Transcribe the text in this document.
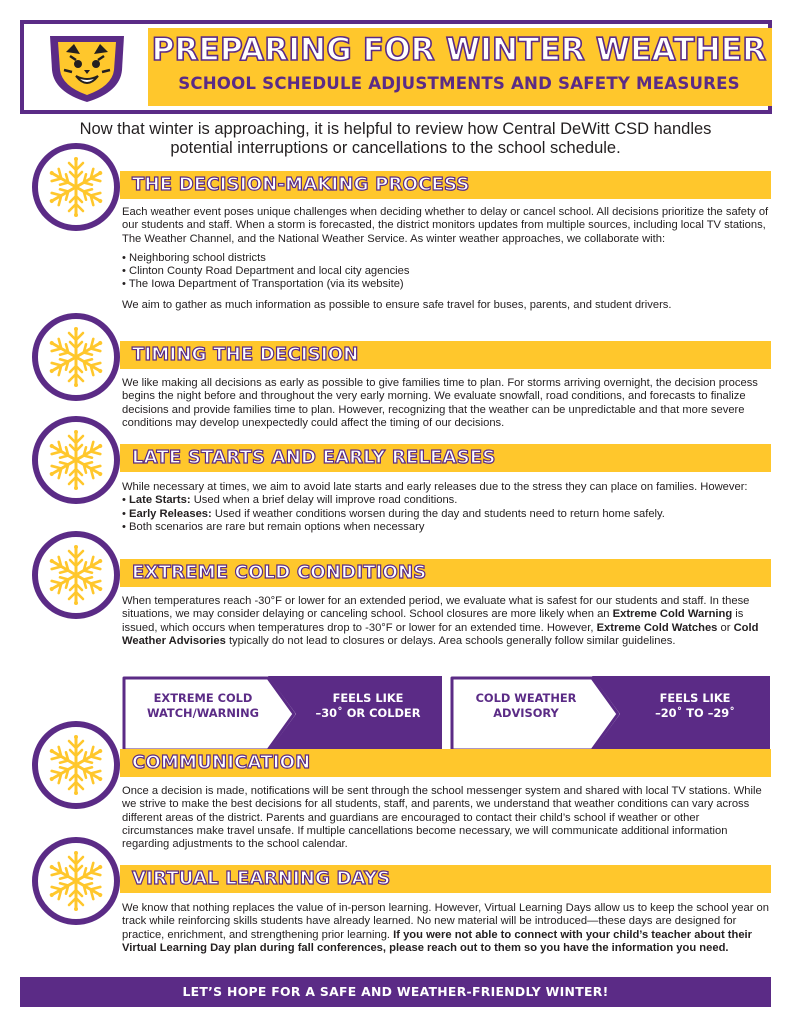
PREPARING FOR WINTER WEATHER
SCHOOL SCHEDULE ADJUSTMENTS AND SAFETY MEASURES
Now that winter is approaching, it is helpful to review how Central DeWitt CSD handles
potential interruptions or cancellations to the school schedule.
THE DECISION-MAKING PROCESS

Each weather event poses unique challenges when deciding whether to delay or cancel school. All decisions prioritize the safety of our students and staff. When a storm is forecasted, the district monitors updates from multiple sources, including local TV stations, The Weather Channel, and the National Weather Service. As winter weather approaches, we collaborate with:

• Neighboring school districts
• Clinton County Road Department and local city agencies
• The Iowa Department of Transportation (via its website)

We aim to gather as much information as possible to ensure safe travel for buses, parents, and student drivers.

TIMING THE DECISION

We like making all decisions as early as possible to give families time to plan. For storms arriving overnight, the decision process begins the night before and throughout the very early morning. We evaluate snowfall, road conditions, and forecasts to finalize decisions and provide families time to plan. However, recognizing that the weather can be unpredictable and that more severe conditions may develop unexpectedly could affect the timing of our decisions.

LATE STARTS AND EARLY RELEASES

While necessary at times, we aim to avoid late starts and early releases due to the stress they can place on families. However:

• Late Starts: Used when a brief delay will improve road conditions.
• Early Releases: Used if weather conditions worsen during the day and students need to return home safely.
• Both scenarios are rare but remain options when necessary
EXTREME COLD CONDITIONS

When temperatures reach -30°F or lower for an extended period, we evaluate what is safest for our students and staff. In these situations, we may consider delaying or canceling school. School closures are more likely when an Extreme Cold Warning is issued, which occurs when temperatures drop to -30°F or lower for an extended time. However, Extreme Cold Watches or Cold Weather Advisories typically do not lead to closures or delays. Area schools generally follow similar guidelines.

EXTREME COLD
WATCH/WARNING
FEELS LIKE
–30˚ OR COLDER
COLD WEATHER
ADVISORY
FEELS LIKE
–20˚ TO –29˚
COMMUNICATION

Once a decision is made, notifications will be sent through the school messenger system and shared with local TV stations. While we strive to make the best decisions for all students, staff, and parents, we understand that weather conditions can vary across different areas of the district. Parents and guardians are encouraged to contact their child’s school if weather or other circumstances make travel unsafe. If multiple cancellations become necessary, we will communicate additional information regarding adjustments to the school calendar.

VIRTUAL LEARNING DAYS

We know that nothing replaces the value of in-person learning. However, Virtual Learning Days allow us to keep the school year on track while reinforcing skills students have already learned. No new material will be introduced—these days are designed for practice, enrichment, and strengthening prior learning. If you were not able to connect with your child’s teacher about their Virtual Learning Day plan during fall conferences, please reach out to them so you have the information you need.

LET’S HOPE FOR A SAFE AND WEATHER-FRIENDLY WINTER!
